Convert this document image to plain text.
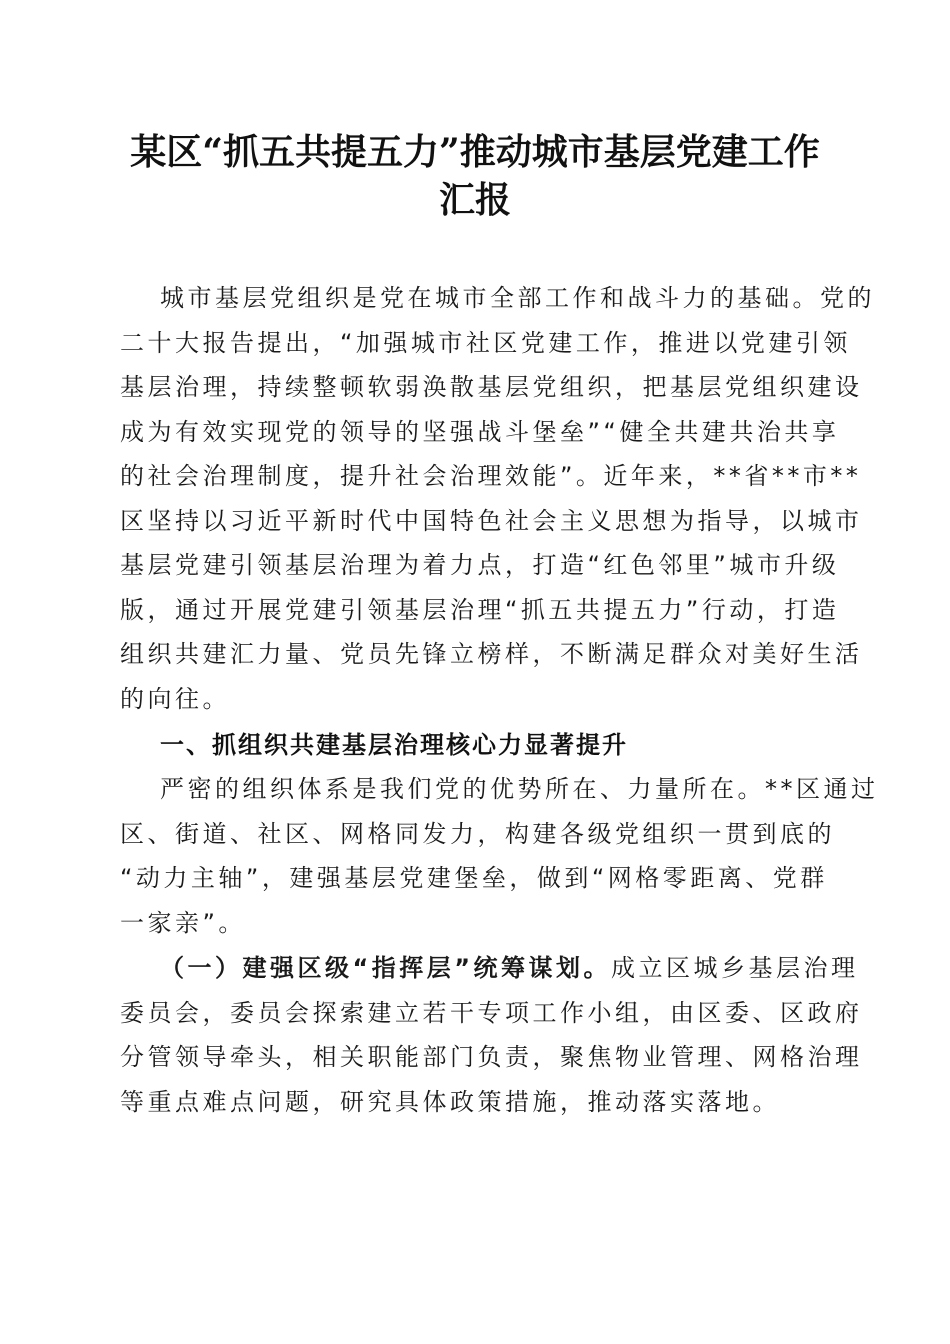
某区“抓五共提五力”推动城市基层党建工作
汇报
城市基层党组织是党在城市全部工作和战斗力的基础。党的
二十大报告提出，“加强城市社区党建工作，推进以党建引领
基层治理，持续整顿软弱涣散基层党组织，把基层党组织建设
成为有效实现党的领导的坚强战斗堡垒”“健全共建共治共享
的社会治理制度，提升社会治理效能”。近年来，**省**市**
区坚持以习近平新时代中国特色社会主义思想为指导，以城市
基层党建引领基层治理为着力点，打造“红色邻里”城市升级
版，通过开展党建引领基层治理“抓五共提五力”行动，打造
组织共建汇力量、党员先锋立榜样，不断满足群众对美好生活
的向往。
一、抓组织共建基层治理核心力显著提升
严密的组织体系是我们党的优势所在、力量所在。**区通过
区、街道、社区、网格同发力，构建各级党组织一贯到底的
“动力主轴”，建强基层党建堡垒，做到“网格零距离、党群
一家亲”。
（一）建强区级“指挥层”统筹谋划。成立区城乡基层治理
委员会，委员会探索建立若干专项工作小组，由区委、区政府
分管领导牵头，相关职能部门负责，聚焦物业管理、网格治理
等重点难点问题，研究具体政策措施，推动落实落地。
